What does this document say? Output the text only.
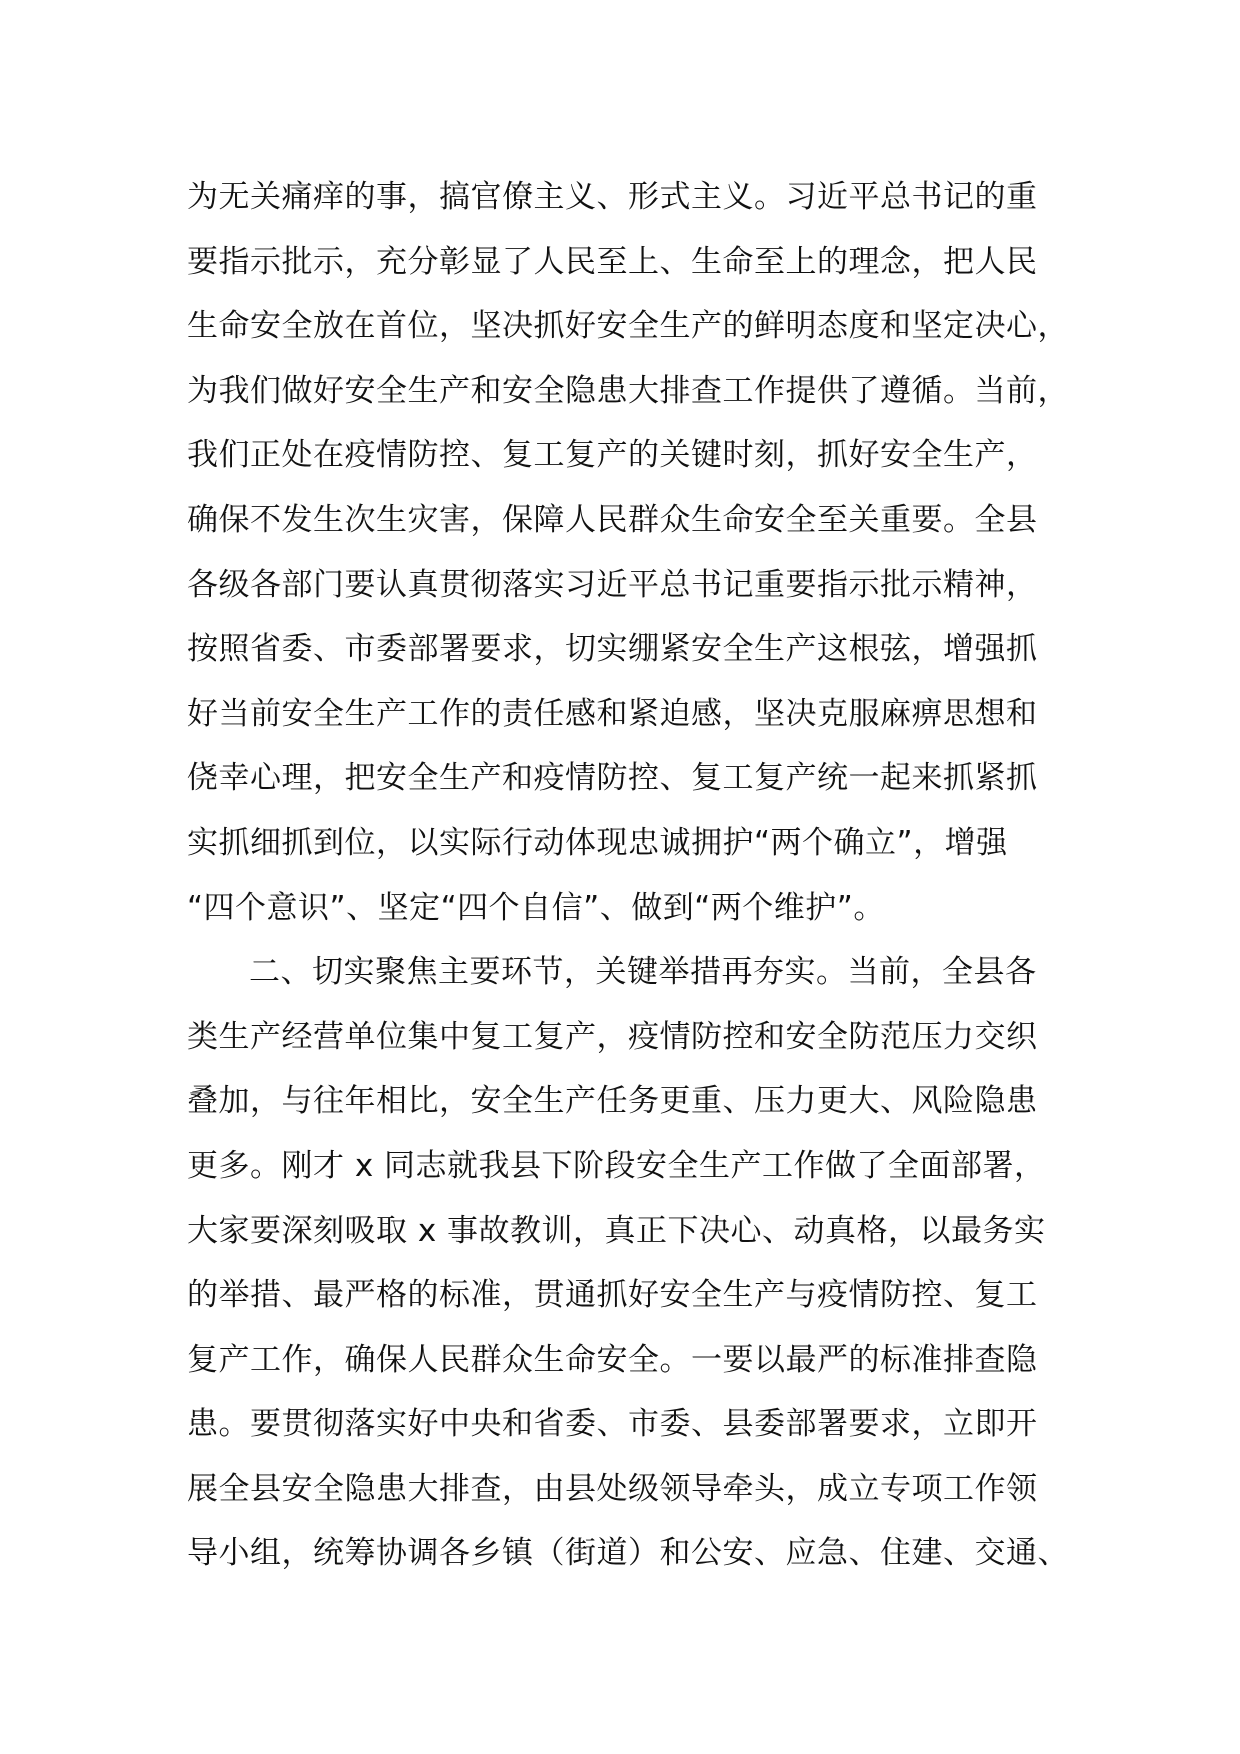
为无关痛痒的事，搞官僚主义、形式主义。习近平总书记的重
要指示批示，充分彰显了人民至上、生命至上的理念，把人民
生命安全放在首位，坚决抓好安全生产的鲜明态度和坚定决心，
为我们做好安全生产和安全隐患大排查工作提供了遵循。当前，
我们正处在疫情防控、复工复产的关键时刻，抓好安全生产，
确保不发生次生灾害，保障人民群众生命安全至关重要。全县
各级各部门要认真贯彻落实习近平总书记重要指示批示精神，
按照省委、市委部署要求，切实绷紧安全生产这根弦，增强抓
好当前安全生产工作的责任感和紧迫感，坚决克服麻痹思想和
侥幸心理，把安全生产和疫情防控、复工复产统一起来抓紧抓
实抓细抓到位，以实际行动体现忠诚拥护“两个确立”，增强
“四个意识”、坚定“四个自信”、做到“两个维护”。
二、切实聚焦主要环节，关键举措再夯实。当前，全县各
类生产经营单位集中复工复产，疫情防控和安全防范压力交织
叠加，与往年相比，安全生产任务更重、压力更大、风险隐患
更多。刚才 x 同志就我县下阶段安全生产工作做了全面部署，
大家要深刻吸取 x 事故教训，真正下决心、动真格，以最务实
的举措、最严格的标准，贯通抓好安全生产与疫情防控、复工
复产工作，确保人民群众生命安全。一要以最严的标准排查隐
患。要贯彻落实好中央和省委、市委、县委部署要求，立即开
展全县安全隐患大排查，由县处级领导牵头，成立专项工作领
导小组，统筹协调各乡镇（街道）和公安、应急、住建、交通、
